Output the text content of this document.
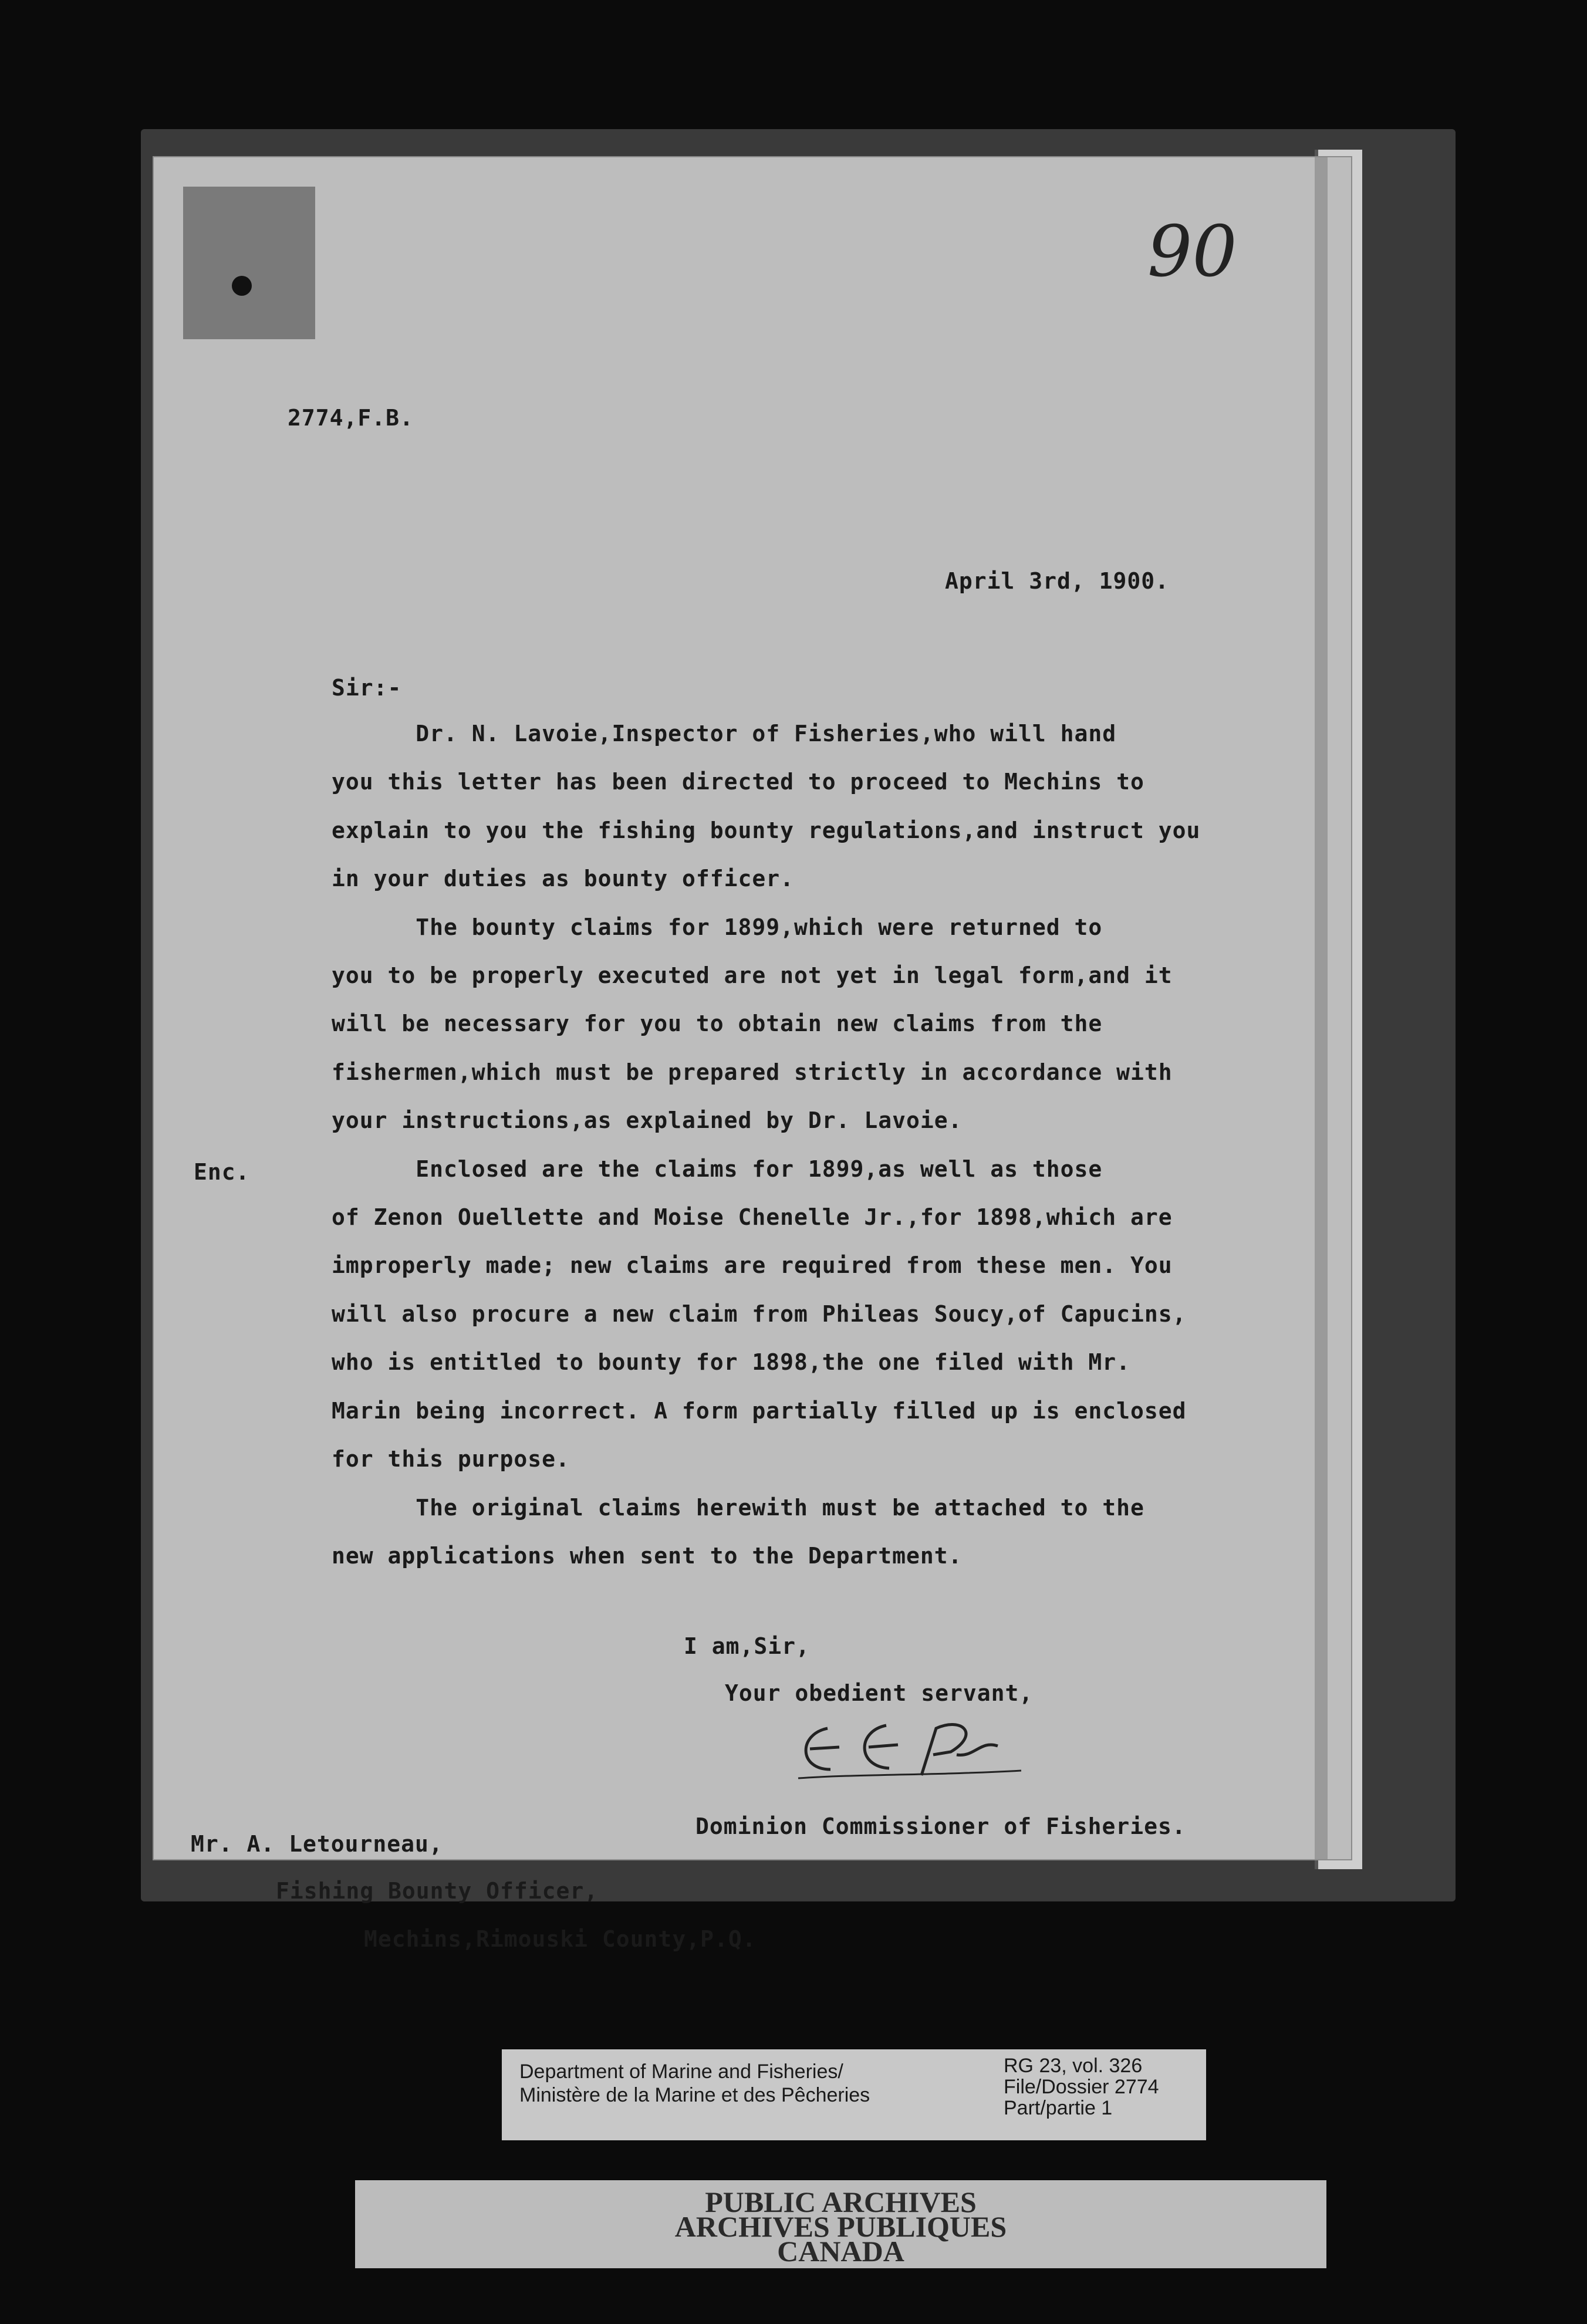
90
2774,F.B.
April 3rd, 1900.
Sir:-
Enc.
Dr. N. Lavoie,Inspector of Fisheries,who will hand
you this letter has been directed to proceed to Mechins to
explain to you the fishing bounty regulations,and instruct you
in your duties as bounty officer.
The bounty claims for 1899,which were returned to
you to be properly executed are not yet in legal form,and it
will be necessary for you to obtain new claims from the
fishermen,which must be prepared strictly in accordance with
your instructions,as explained by Dr. Lavoie.
Enclosed are the claims for 1899,as well as those
of Zenon Ouellette and Moise Chenelle Jr.,for 1898,which are
improperly made; new claims are required from these men. You
will also procure a new claim from Phileas Soucy,of Capucins,
who is entitled to bounty for 1898,the one filed with Mr.
Marin being incorrect. A form partially filled up is enclosed
for this purpose.
The original claims herewith must be attached to the
new applications when sent to the Department.
I am,Sir,
Your obedient servant,
Dominion Commissioner of Fisheries.
Mr. A. Letourneau,
Fishing Bounty Officer,
Mechins,Rimouski County,P.Q.
Department of Marine and Fisheries/
Ministère de la Marine et des Pêcheries
RG 23, vol. 326
File/Dossier 2774
Part/partie 1
PUBLIC ARCHIVES
ARCHIVES PUBLIQUES
CANADA
